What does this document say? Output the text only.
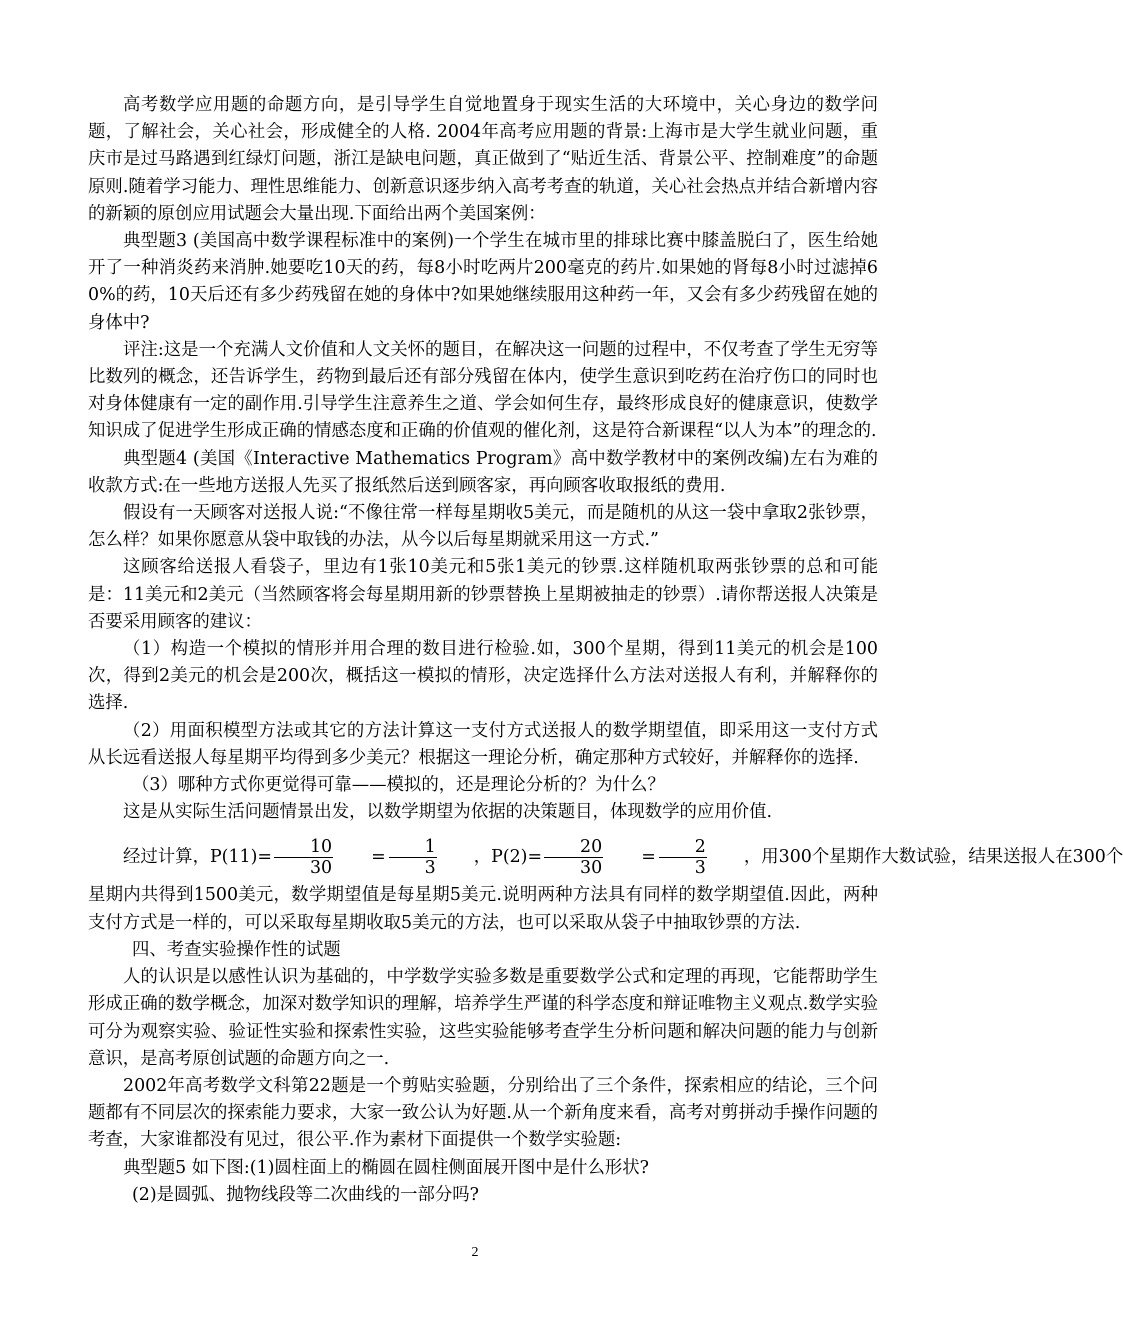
高考数学应用题的命题方向，是引导学生自觉地置身于现实生活的大环境中，关心身边的数学问题，了解社会，关心社会，形成健全的人格. 2004年高考应用题的背景:上海市是大学生就业问题，重庆市是过马路遇到红绿灯问题，浙江是缺电问题，真正做到了“贴近生活、背景公平、控制难度”的命题原则.随着学习能力、理性思维能力、创新意识逐步纳入高考考查的轨道，关心社会热点并结合新增内容的新颖的原创应用试题会大量出现.下面给出两个美国案例：

典型题3 (美国高中数学课程标准中的案例)一个学生在城市里的排球比赛中膝盖脱臼了，医生给她开了一种消炎药来消肿.她要吃10天的药，每8小时吃两片200毫克的药片.如果她的肾每8小时过滤掉60%的药，10天后还有多少药残留在她的身体中?如果她继续服用这种药一年，又会有多少药残留在她的身体中?

评注:这是一个充满人文价值和人文关怀的题目，在解决这一问题的过程中，不仅考查了学生无穷等比数列的概念，还告诉学生，药物到最后还有部分残留在体内，使学生意识到吃药在治疗伤口的同时也对身体健康有一定的副作用.引导学生注意养生之道、学会如何生存，最终形成良好的健康意识，使数学知识成了促进学生形成正确的情感态度和正确的价值观的催化剂，这是符合新课程“以人为本”的理念的.

典型题4 (美国《Interactive Mathematics Program》高中数学教材中的案例改编)左右为难的收款方式:在一些地方送报人先买了报纸然后送到顾客家，再向顾客收取报纸的费用.

假设有一天顾客对送报人说:“不像往常一样每星期收5美元，而是随机的从这一袋中拿取2张钞票，怎么样？如果你愿意从袋中取钱的办法，从今以后每星期就采用这一方式.”

这顾客给送报人看袋子，里边有1张10美元和5张1美元的钞票.这样随机取两张钞票的总和可能是：11美元和2美元（当然顾客将会每星期用新的钞票替换上星期被抽走的钞票）.请你帮送报人决策是否要采用顾客的建议：

（1）构造一个模拟的情形并用合理的数目进行检验.如，300个星期，得到11美元的机会是100次，得到2美元的机会是200次，概括这一模拟的情形，决定选择什么方法对送报人有利，并解释你的选择.

（2）用面积模型方法或其它的方法计算这一支付方式送报人的数学期望值，即采用这一支付方式从长远看送报人每星期平均得到多少美元？根据这一理论分析，确定那种方式较好，并解释你的选择.

（3）哪种方式你更觉得可靠——模拟的，还是理论分析的？为什么？

这是从实际生活问题情景出发，以数学期望为依据的决策题目，体现数学的应用价值.

经过计算，$P(11)= \frac{10}{30}$	= $\frac{1}{3}$	，$P(2)= \frac{20}{30}$	= $\frac{2}{3}$	，用300个星期作大数试验，结果送报人在300个

星期内共得到1500美元，数学期望值是每星期5美元.说明两种方法具有同样的数学期望值.因此，两种支付方式是一样的，可以采取每星期收取5美元的方法，也可以采取从袋子中抽取钞票的方法.

四、考查实验操作性的试题

人的认识是以感性认识为基础的，中学数学实验多数是重要数学公式和定理的再现，它能帮助学生形成正确的数学概念，加深对数学知识的理解，培养学生严谨的科学态度和辩证唯物主义观点.数学实验可分为观察实验、验证性实验和探索性实验，这些实验能够考查学生分析问题和解决问题的能力与创新意识，是高考原创试题的命题方向之一.

2002年高考数学文科第22题是一个剪贴实验题，分别给出了三个条件，探索相应的结论，三个问题都有不同层次的探索能力要求，大家一致公认为好题.从一个新角度来看，高考对剪拼动手操作问题的考查，大家谁都没有见过，很公平.作为素材下面提供一个数学实验题:

典型题5 如下图:(1)圆柱面上的椭圆在圆柱侧面展开图中是什么形状?

(2)是圆弧、抛物线段等二次曲线的一部分吗?

2
